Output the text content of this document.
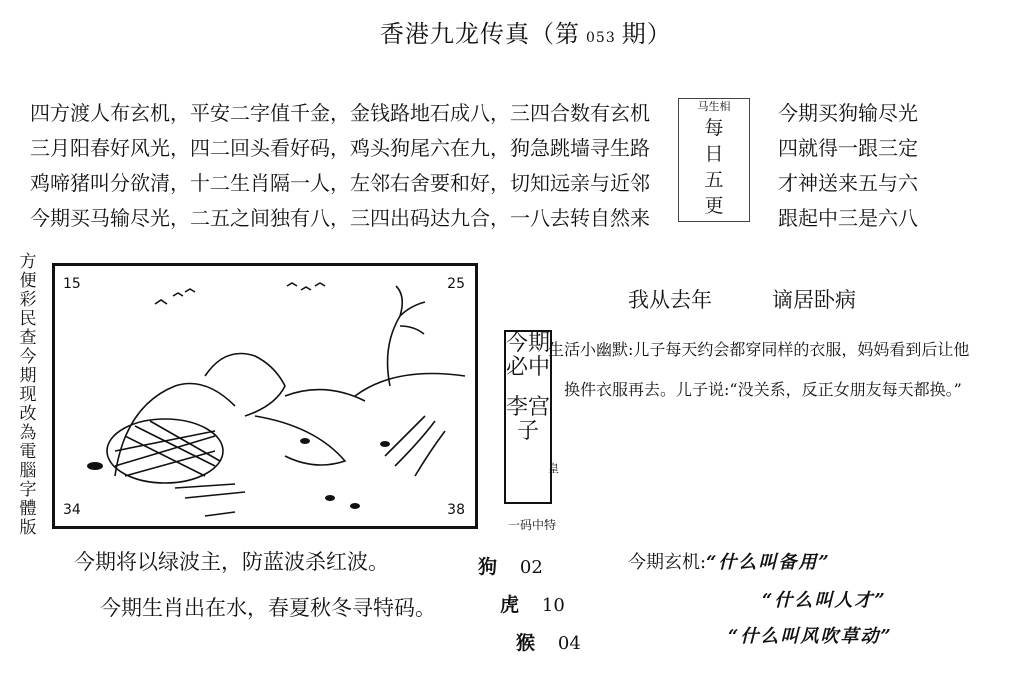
香港九龙传真（第 053 期）
四方渡人布玄机，平安二字值千金，金钱路地石成八，三四合数有玄机
三月阳春好风光，四二回头看好码，鸡头狗尾六在九，狗急跳墙寻生路
鸡啼猪叫分欲清，十二生肖隔一人，左邻右舍要和好，切知远亲与近邻
今期买马输尽光，二五之间独有八，三四出码达九合，一八去转自然来
马生相
每
日
五
更
今期买狗输尽光
四就得一跟三定
才神送来五与六
跟起中三是六八
方便彩民查今期现改為電腦字體版
15	25
34	38
我从去年	谪居卧病
今期必中
李宫子
生活小幽默:儿子每天约会都穿同样的衣服，妈妈看到后让他
换件衣服再去。儿子说:“没关系，反正女朋友每天都换。”
皇
一码中特
今期将以绿波主，防蓝波杀红波。
今期生肖出在水，春夏秋冬寻特码。
狗 02
虎 10
猴 04
今期玄机:“什么叫备用”
“什么叫人才”
“什么叫风吹草动”
